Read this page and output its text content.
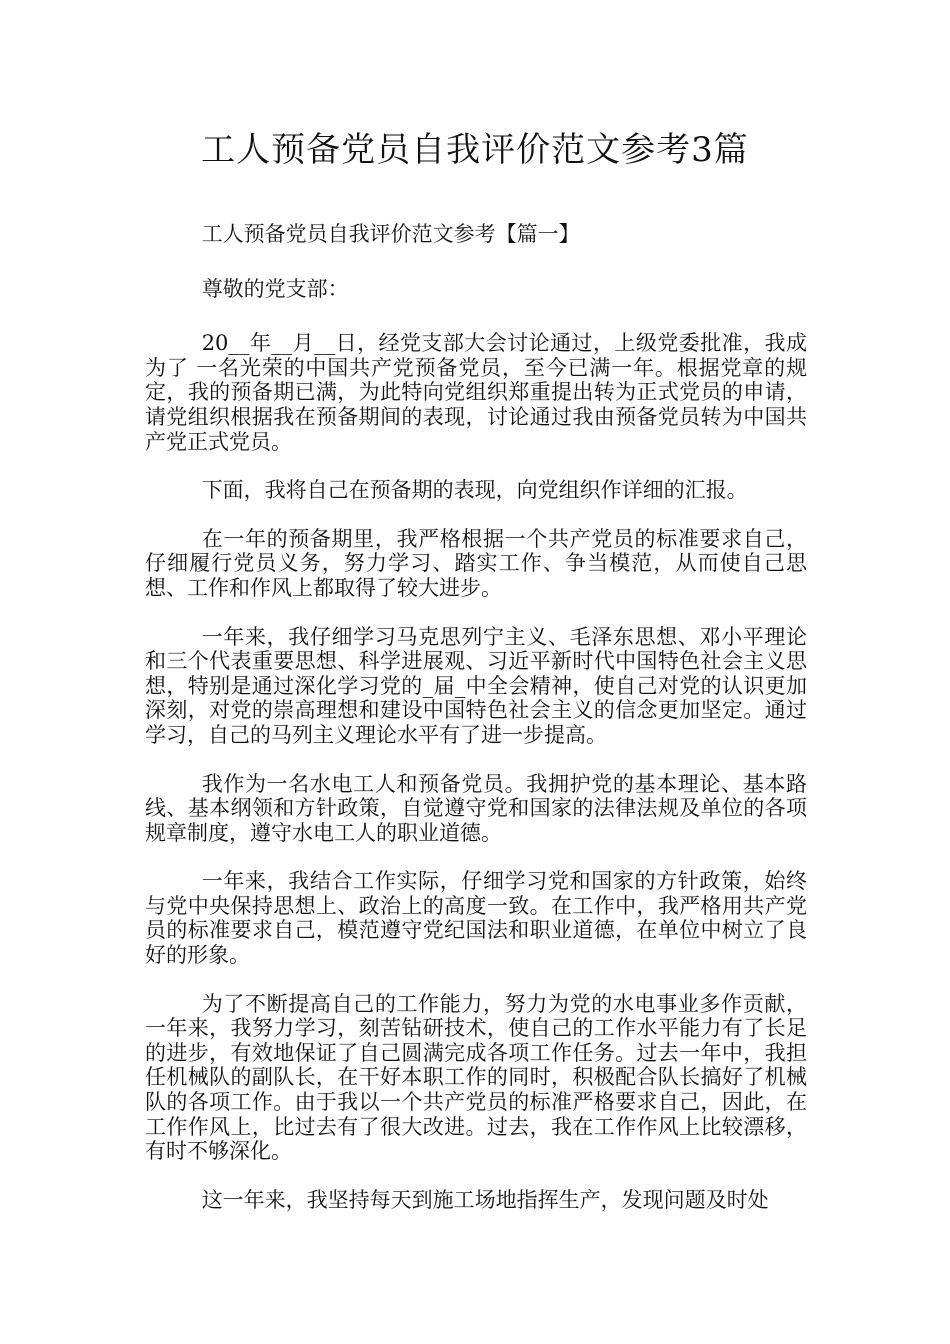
工人预备党员自我评价范文参考3篇

工人预备党员自我评价范文参考【篇一】

尊敬的党支部：

20__年__月__日，经党支部大会讨论通过，上级党委批准，我成为了 一名光荣的中国共产党预备党员，至今已满一年。根据党章的规定，我的预备期已满，为此特向党组织郑重提出转为正式党员的申请，请党组织根据我在预备期间的表现，讨论通过我由预备党员转为中国共产党正式党员。

下面，我将自己在预备期的表现，向党组织作详细的汇报。

在一年的预备期里，我严格根据一个共产党员的标准要求自己，仔细履行党员义务，努力学习、踏实工作、争当模范，从而使自己思想、工作和作风上都取得了较大进步。

一年来，我仔细学习马克思列宁主义、毛泽东思想、邓小平理论和三个代表重要思想、科学进展观、习近平新时代中国特色社会主义思想，特别是通过深化学习党的_届_中全会精神，使自己对党的认识更加深刻，对党的崇高理想和建设中国特色社会主义的信念更加坚定。通过学习，自己的马列主义理论水平有了进一步提高。

我作为一名水电工人和预备党员。我拥护党的基本理论、基本路线、基本纲领和方针政策，自觉遵守党和国家的法律法规及单位的各项规章制度，遵守水电工人的职业道德。

一年来，我结合工作实际，仔细学习党和国家的方针政策，始终与党中央保持思想上、政治上的高度一致。在工作中，我严格用共产党员的标准要求自己，模范遵守党纪国法和职业道德，在单位中树立了良好的形象。

为了不断提高自己的工作能力，努力为党的水电事业多作贡献，一年来，我努力学习，刻苦钻研技术，使自己的工作水平能力有了长足的进步，有效地保证了自己圆满完成各项工作任务。过去一年中，我担任机械队的副队长，在干好本职工作的同时，积极配合队长搞好了机械队的各项工作。由于我以一个共产党员的标准严格要求自己，因此，在工作作风上，比过去有了很大改进。过去，我在工作作风上比较漂移，有时不够深化。

这一年来，我坚持每天到施工场地指挥生产，发现问题及时处
